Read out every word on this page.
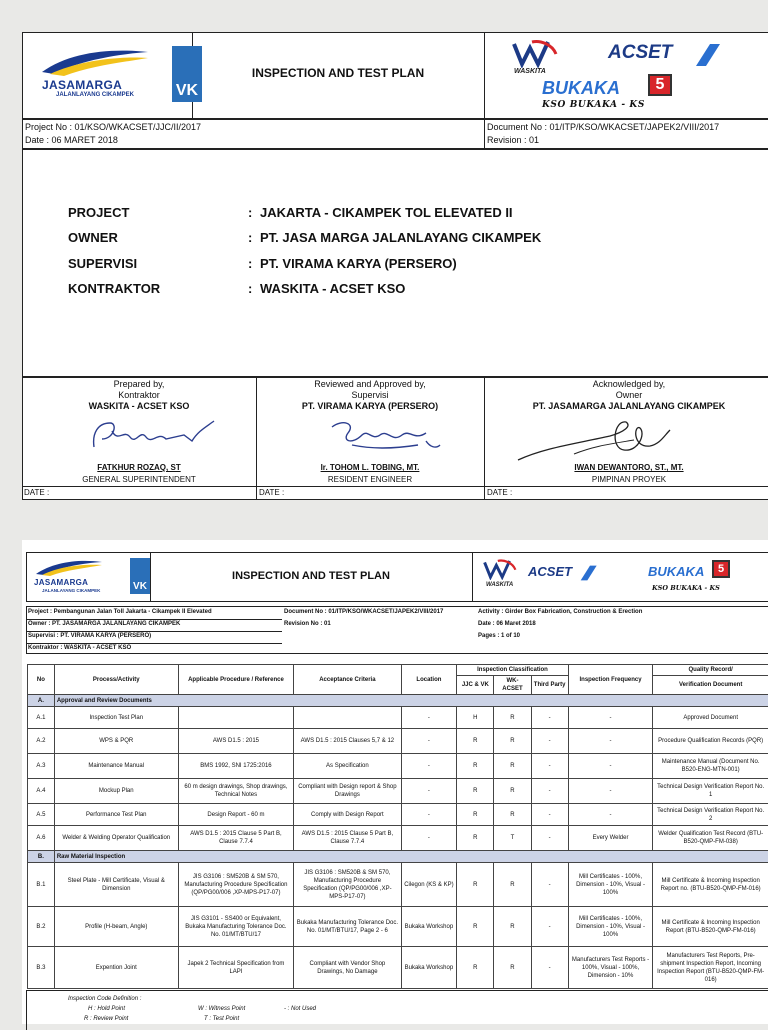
JASAMARGA
JALANLAYANG CIKAMPEK	VK
INSPECTION AND TEST PLAN	WASKITA
ACSET
BUKAKA	5
KSO BUKAKA - KS
Project No : 01/KSO/WKACSET/JJC/II/2017
Date : 06 MARET 2018
Document No : 01/ITP/KSO/WKACSET/JAPEK2/VIII/2017
Revision : 01
PROJECT	: JAKARTA - CIKAMPEK TOL ELEVATED II
OWNER	: PT. JASA MARGA JALANLAYANG CIKAMPEK
SUPERVISI	: PT. VIRAMA KARYA (PERSERO)
KONTRAKTOR	: WASKITA - ACSET KSO
Prepared by,
Kontraktor
WASKITA - ACSET KSO
FATKHUR ROZAQ, ST
GENERAL SUPERINTENDENT
DATE :
Reviewed and Approved by,
Supervisi
PT. VIRAMA KARYA (PERSERO)
Ir. TOHOM L. TOBING, MT.
RESIDENT ENGINEER
DATE :
Acknowledged by,
Owner
PT. JASAMARGA JALANLAYANG CIKAMPEK
IWAN DEWANTORO, ST., MT.
PIMPINAN PROYEK
DATE :
JASAMARGA
JALANLAYANG CIKAMPEK	VK
INSPECTION AND TEST PLAN
WASKITA
ACSET	BUKAKA	5
KSO BUKAKA - KS
Project : Pembangunan Jalan Toll Jakarta - Cikampek II Elevated
Owner : PT. JASAMARGA JALANLAYANG CIKAMPEK
Supervisi : PT. VIRAMA KARYA (PERSERO)
Kontraktor : WASKITA - ACSET KSO
Document No : 01/ITP/KSO/WKACSET/JAPEK2/VIII/2017
Revision No : 01
Activity : Girder Box Fabrication, Construction & Erection
Date : 06 Maret 2018
Pages : 1 of 10
No	Process/Activity	Applicable Procedure / Reference	Acceptance Criteria	Location	Inspection Classification			Inspection Frequency	Quality Record/
					JJC & VK	WK-ACSET	Third Party		Verification Document
A.	Approval and Review Documents								
A.1	Inspection Test Plan			-	H	R	-	-	Approved Document
A.2	WPS & PQR	AWS D1.5 : 2015	AWS D1.5 : 2015 Clauses 5,7 & 12	-	R	R	-	-	Procedure Qualification Records (PQR)
A.3	Maintenance Manual	BMS 1992, SNI 1725:2016	As Specification	-	R	R	-	-	Maintenance Manual (Document No. B520-ENG-MTN-001)
A.4	Mockup Plan	60 m design drawings, Shop drawings, Technical Notes	Compliant with Design report & Shop Drawings	-	R	R	-	-	Technical Design Verification Report No. 1
A.5	Performance Test Plan	Design Report - 60 m	Comply with Design Report	-	R	R	-	-	Technical Design Verification Report No. 2
A.6	Welder & Welding Operator Qualification	AWS D1.5 : 2015 Clause 5 Part B, Clause 7.7.4	AWS D1.5 : 2015 Clause 5 Part B, Clause 7.7.4	-	R	T	-	Every Welder	Welder Qualification Test Record (BTU-B520-QMP-FM-038)
B.	Raw Material Inspection								
B.1	Steel Plate - Mill Certificate, Visual & Dimension	JIS G3106 : SM520B & SM 570, Manufacturing Procedure Specification (QP/PG00/006 ,XP-MPS-P17-07)	JIS G3106 : SM520B & SM 570, Manufacturing Procedure Specification (QP/PG00/006 ,XP-MPS-P17-07)	Cilegon (KS & KP)	R	R	-	Mill Certificates - 100%, Dimension - 10%, Visual - 100%	Mill Certificate & Incoming Inspection Report no. (BTU-B520-QMP-FM-016)
B.2	Profile (H-beam, Angle)	JIS G3101 - SS400 or Equivalent, Bukaka Manufacturing Tolerance Doc. No. 01/MT/BTU/17	Bukaka Manufacturing Tolerance Doc. No. 01/MT/BTU/17, Page 2 - 6	Bukaka Workshop	R	R	-	Mill Certificates - 100%, Dimension - 10%, Visual - 100%	Mill Certificate & Incoming Inspection Report (BTU-B520-QMP-FM-016)
B.3	Expention Joint	Japek 2 Technical Specification from LAPI	Compliant with Vendor Shop Drawings, No Damage	Bukaka Workshop	R	R	-	Manufacturers Test Reports - 100%, Visual - 100%, Dimension - 10%	Manufacturers Test Reports, Pre-shipment Inspection Report, Incoming Inspection Report (BTU-B520-QMP-FM-016)
Inspection Code Definition :
H : Hold Point
R : Review Point
W : Witness Point
T : Test Point
- : Not Used
